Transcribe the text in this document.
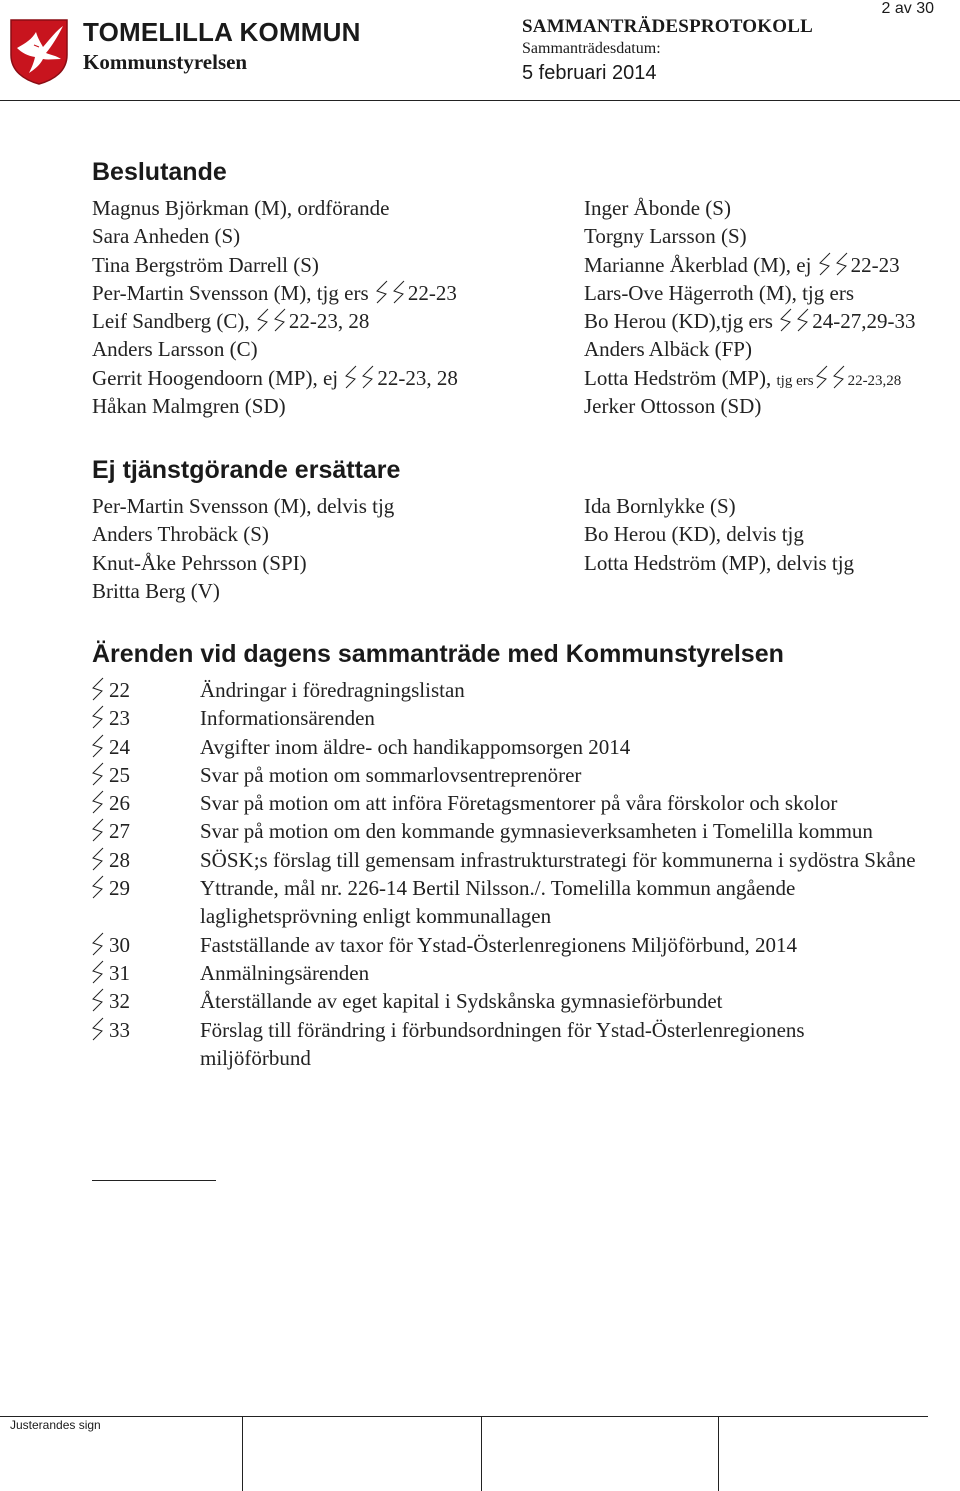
TOMELILLA KOMMUN
Kommunstyrelsen
SAMMANTRÄDESPROTOKOLL
Sammanträdesdatum:
5 februari 2014
2 av 30
Beslutande
Magnus Björkman (M), ordförande
Sara Anheden (S)
Tina Bergström Darrell (S)
Per-Martin Svensson (M), tjg ers 22-23
Leif Sandberg (C), 22-23, 28
Anders Larsson (C)
Gerrit Hoogendoorn (MP), ej 22-23, 28
Håkan Malmgren (SD)
Inger Åbonde (S)
Torgny Larsson (S)
Marianne Åkerblad (M), ej 22-23
Lars-Ove Hägerroth (M), tjg ers
Bo Herou (KD),tjg ers 24-27,29-33
Anders Albäck (FP)
Lotta Hedström (MP), tjg ers 22-23,28
Jerker Ottosson (SD)
Ej tjänstgörande ersättare
Per-Martin Svensson (M), delvis tjg
Anders Throbäck (S)
Knut-Åke Pehrsson (SPI)
Britta Berg (V)
Ida Bornlykke (S)
Bo Herou (KD), delvis tjg
Lotta Hedström (MP), delvis tjg
Ärenden vid dagens sammanträde med Kommunstyrelsen
22	Ändringar i föredragningslistan
23	Informationsärenden
24	Avgifter inom äldre- och handikappomsorgen 2014
25	Svar på motion om sommarlovsentreprenörer
26	Svar på motion om att införa Företagsmentorer på våra förskolor och skolor
27	Svar på motion om den kommande gymnasieverksamheten i Tomelilla kommun
28	SÖSK;s förslag till gemensam infrastrukturstrategi för kommunerna i sydöstra Skåne
29	Yttrande, mål nr. 226-14 Bertil Nilsson./. Tomelilla kommun angående laglighetsprövning enligt kommunallagen
30	Fastställande av taxor för Ystad-Österlenregionens Miljöförbund, 2014
31	Anmälningsärenden
32	Återställande av eget kapital i Sydskånska gymnasieförbundet
33	Förslag till förändring i förbundsordningen för Ystad-Österlenregionens miljöförbund
Justerandes sign
